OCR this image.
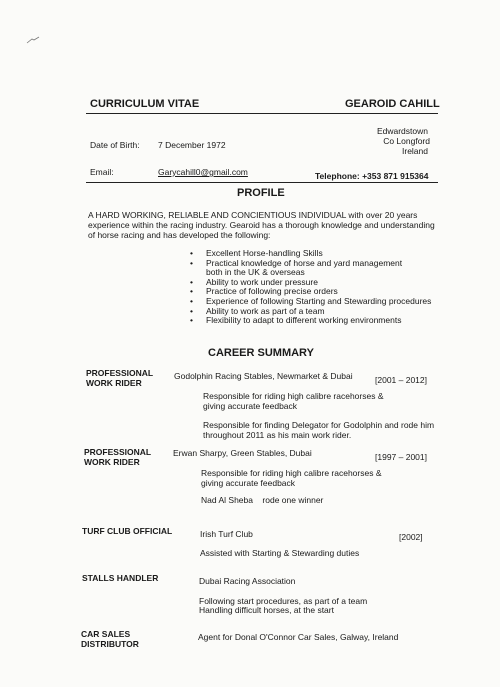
CURRICULUM VITAE	GEAROID CAHILL
Edwardstown
Co Longford
Ireland
Date of Birth: 7 December 1972
Email:	Garycahill0@gmail.com	Telephone: +353 871 915364
PROFILE
A HARD WORKING, RELIABLE AND CONCIENTIOUS INDIVIDUAL with over 20 years
experience within the racing industry. Gearoid has a thorough knowledge and understanding
of horse racing and has developed the following:
• Excellent Horse-handling Skills
• Practical knowledge of horse and yard management
both in the UK & overseas
• Ability to work under pressure
• Practice of following precise orders
• Experience of following Starting and Stewarding procedures
• Ability to work as part of a team
• Flexibility to adapt to different working environments
CAREER SUMMARY
PROFESSIONAL
WORK RIDER
Godolphin Racing Stables, Newmarket & Dubai	[2001 – 2012]
Responsible for riding high calibre racehorses &
giving accurate feedback
Responsible for finding Delegator for Godolphin and rode him
throughout 2011 as his main work rider.
PROFESSIONAL
WORK RIDER
Erwan Sharpy, Green Stables, Dubai	[1997 – 2001]
Responsible for riding high calibre racehorses &
giving accurate feedback
Nad Al Sheba    rode one winner
TURF CLUB OFFICIAL	Irish Turf Club	[2002]
Assisted with Starting & Stewarding duties
STALLS HANDLER	Dubai Racing Association
Following start procedures, as part of a team
Handling difficult horses, at the start
CAR SALES
DISTRIBUTOR
Agent for Donal O'Connor Car Sales, Galway, Ireland
